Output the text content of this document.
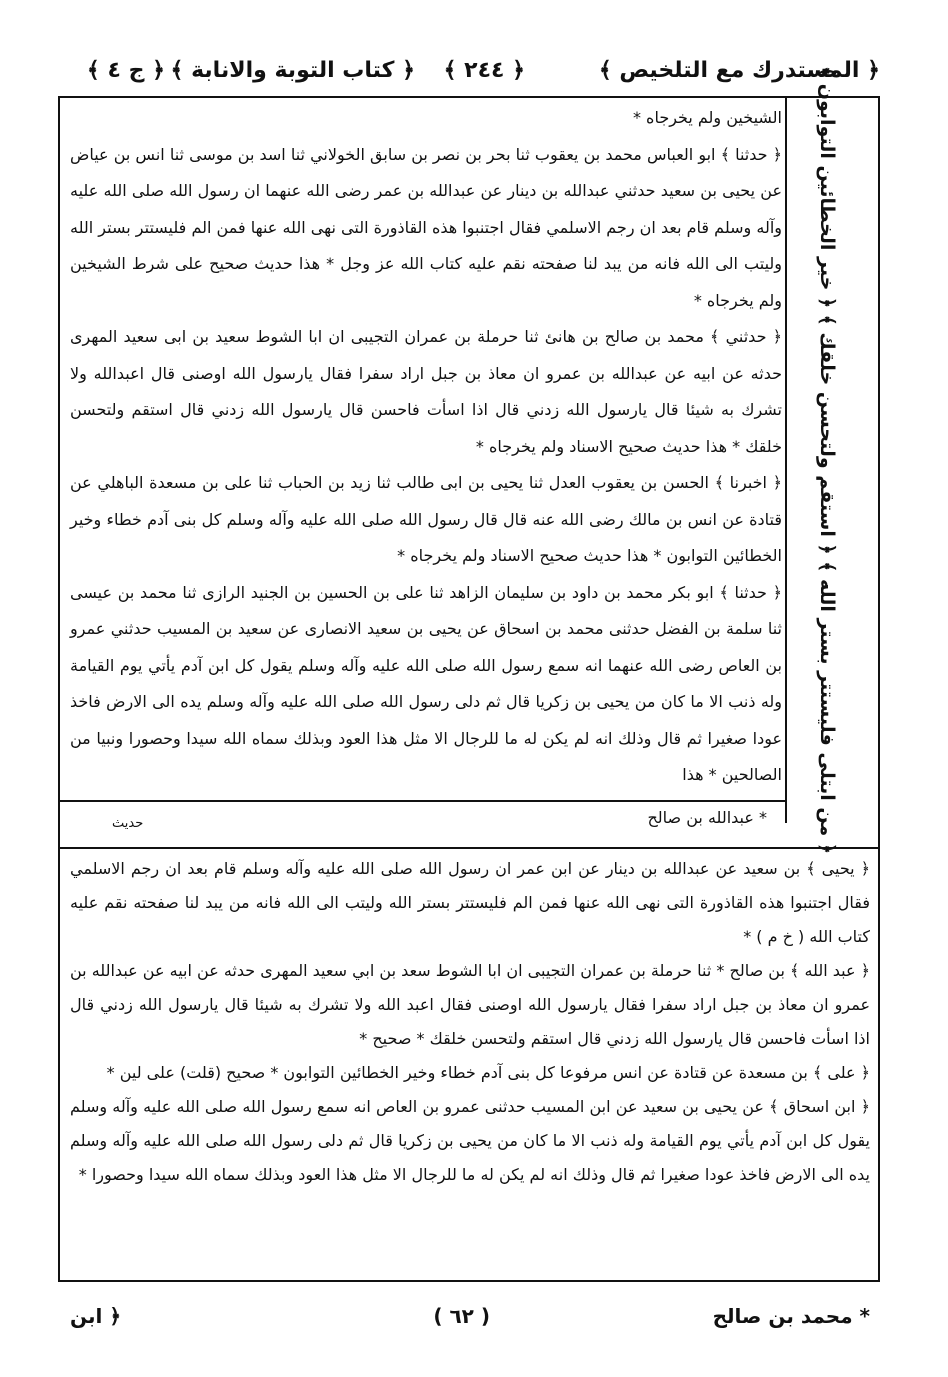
﴿ المستدرك مع التلخيص ﴾
﴿ ٢٤٤ ﴾
﴿ كتاب التوبة والانابة ﴾
﴿ ج ٤ ﴾	﴿ من ابتلى فليستتر بستر الله ﴾ ﴿ استقم ولتحسن خلقك ﴾ ﴿ خير الخطائين التوابون ﴾

الشيخين ولم يخرجاه *

﴿ حدثنا ﴾ ابو العباس محمد بن يعقوب ثنا بحر بن نصر بن سابق الخولاني ثنا اسد بن موسى ثنا انس بن عياض عن يحيى بن سعيد حدثني عبدالله بن دينار عن عبدالله بن عمر رضى الله عنهما ان رسول الله صلى الله عليه وآله وسلم قام بعد ان رجم الاسلمي فقال اجتنبوا هذه القاذورة التى نهى الله عنها فمن الم فليستتر بستر الله وليتب الى الله فانه من يبد لنا صفحته نقم عليه كتاب الله عز وجل * هذا حديث صحيح على شرط الشيخين ولم يخرجاه *

﴿ حدثني ﴾ محمد بن صالح بن هانئ ثنا حرملة بن عمران التجيبى ان ابا الشوط سعيد بن ابى سعيد المهرى حدثه عن ابيه عن عبدالله بن عمرو ان معاذ بن جبل اراد سفرا فقال يارسول الله اوصنى قال اعبدالله ولا تشرك به شيئا قال يارسول الله زدني قال اذا اسأت فاحسن قال يارسول الله زدني قال استقم ولتحسن خلقك * هذا حديث صحيح الاسناد ولم يخرجاه *

﴿ اخبرنا ﴾ الحسن بن يعقوب العدل ثنا يحيى بن ابى طالب ثنا زيد بن الحباب ثنا على بن مسعدة الباهلي عن قتادة عن انس بن مالك رضى الله عنه قال قال رسول الله صلى الله عليه وآله وسلم كل بنى آدم خطاء وخير الخطائين التوابون * هذا حديث صحيح الاسناد ولم يخرجاه *

﴿ حدثنا ﴾ ابو بكر محمد بن داود بن سليمان الزاهد ثنا على بن الحسين بن الجنيد الرازى ثنا محمد بن عيسى ثنا سلمة بن الفضل حدثنى محمد بن اسحاق عن يحيى بن سعيد الانصارى عن سعيد بن المسيب حدثني عمرو بن العاص رضى الله عنهما انه سمع رسول الله صلى الله عليه وآله وسلم يقول كل ابن آدم يأتي يوم القيامة وله ذنب الا ما كان من يحيى بن زكريا قال ثم دلى رسول الله صلى الله عليه وآله وسلم يده الى الارض فاخذ عودا صغيرا ثم قال وذلك انه لم يكن له ما للرجال الا مثل هذا العود وبذلك سماه الله سيدا وحصورا ونبيا من الصالحين * هذا

* عبدالله بن صالح
حديث

﴿ يحيى ﴾ بن سعيد عن عبدالله بن دينار عن ابن عمر ان رسول الله صلى الله عليه وآله وسلم قام بعد ان رجم الاسلمي فقال اجتنبوا هذه القاذورة التى نهى الله عنها فمن الم فليستتر بستر الله وليتب الى الله فانه من يبد لنا صفحته نقم عليه كتاب الله ( خ م ) *

﴿ عبد الله ﴾ بن صالح * ثنا حرملة بن عمران التجيبى ان ابا الشوط سعد بن ابي سعيد المهرى حدثه عن ابيه عن عبدالله بن عمرو ان معاذ بن جبل اراد سفرا فقال يارسول الله اوصنى فقال اعبد الله ولا تشرك به شيئا قال يارسول الله زدني قال اذا اسأت فاحسن قال يارسول الله زدني قال استقم ولتحسن خلقك * صحيح *

﴿ على ﴾ بن مسعدة عن قتادة عن انس مرفوعا كل بنى آدم خطاء وخير الخطائين التوابون * صحيح (قلت) على لين *

﴿ ابن اسحاق ﴾ عن يحيى بن سعيد عن ابن المسيب حدثنى عمرو بن العاص انه سمع رسول الله صلى الله عليه وآله وسلم يقول كل ابن آدم يأتي يوم القيامة وله ذنب الا ما كان من يحيى بن زكريا قال ثم دلى رسول الله صلى الله عليه وآله وسلم يده الى الارض فاخذ عودا صغيرا ثم قال وذلك انه لم يكن له ما للرجال الا مثل هذا العود وبذلك سماه الله سيدا وحصورا *

* محمد بن صالح
( ٦٢ )
﴿ ابن
